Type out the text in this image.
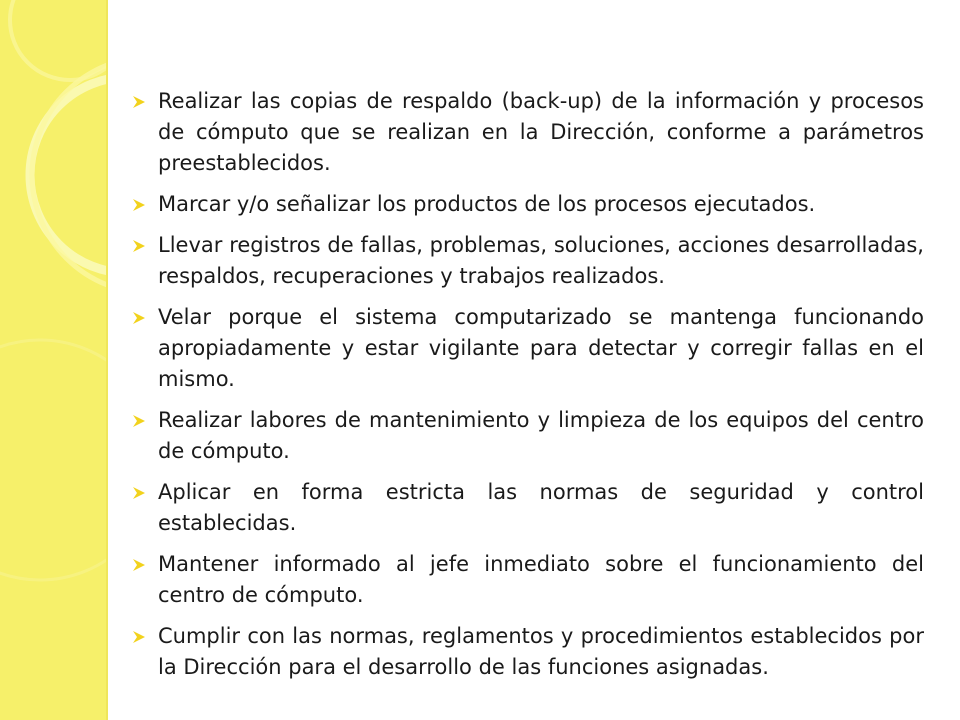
Realizar las copias de respaldo (back-up) de la información y procesos de cómputo que se realizan en la Dirección, conforme a parámetros preestablecidos.
Marcar y/o señalizar los productos de los procesos ejecutados.
Llevar registros de fallas, problemas, soluciones, acciones desarrolladas, respaldos, recuperaciones y trabajos realizados.
Velar porque el sistema computarizado se mantenga funcionando apropiadamente y estar vigilante para detectar y corregir fallas en el mismo.
Realizar labores de mantenimiento y limpieza de los equipos del centro de cómputo.
Aplicar en forma estricta las normas de seguridad y control establecidas.
Mantener informado al jefe inmediato sobre el funcionamiento del centro de cómputo.
Cumplir con las normas, reglamentos y procedimientos establecidos por la Dirección para el desarrollo de las funciones asignadas.
